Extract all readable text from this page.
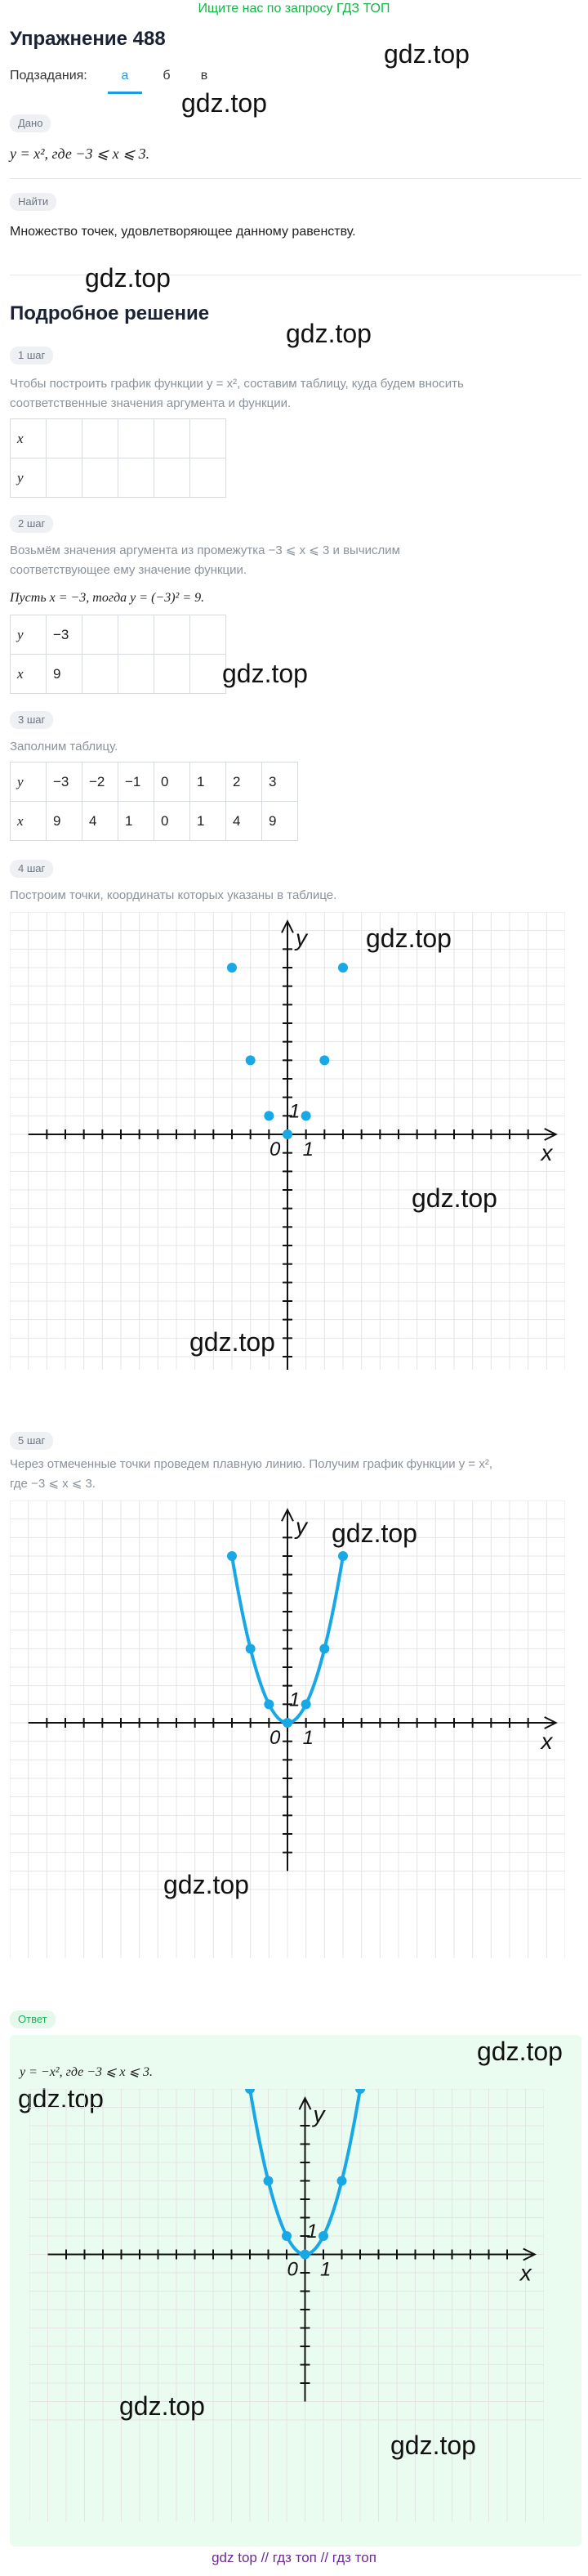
Ищите нас по запросу ГДЗ ТОП
Упражнение 488
gdz.top
gdz.top
Подзадания:	а	б	в
Дано
y = x², где −3 ⩽ x ⩽ 3.
Найти
Множество точек, удовлетворяющее данному равенству.
gdz.top
Подробное решение
gdz.top
1 шаг
Чтобы построить график функции y = x², составим таблицу, куда будем вносить
соответственные значения аргумента и функции.
x					
y					
2 шаг
Возьмём значения аргумента из промежутка −3 ⩽ x ⩽ 3 и вычислим
соответствующее ему значение функции.
Пусть x = −3, тогда y = (−3)² = 9.
y	−3				
x	9					gdz.top
3 шаг
Заполним таблицу.
y	−3	−2	−1	0	1	2	3
x	9	4	1	0	1	4	9
4 шаг
Построим точки, координаты которых указаны в таблице.
x
y
0 1
1
gdz.top
gdz.top
gdz.top
5 шаг
Через отмеченные точки проведем плавную линию. Получим график функции y = x²,
где −3 ⩽ x ⩽ 3.
x
y
0 1
1
gdz.top
gdz.top
Ответ
y = −x², где −3 ⩽ x ⩽ 3.
gdz.top
gdz.top
x
y
0 1
1
gdz.top
gdz.top
gdz top // гдз топ // гдз топ
